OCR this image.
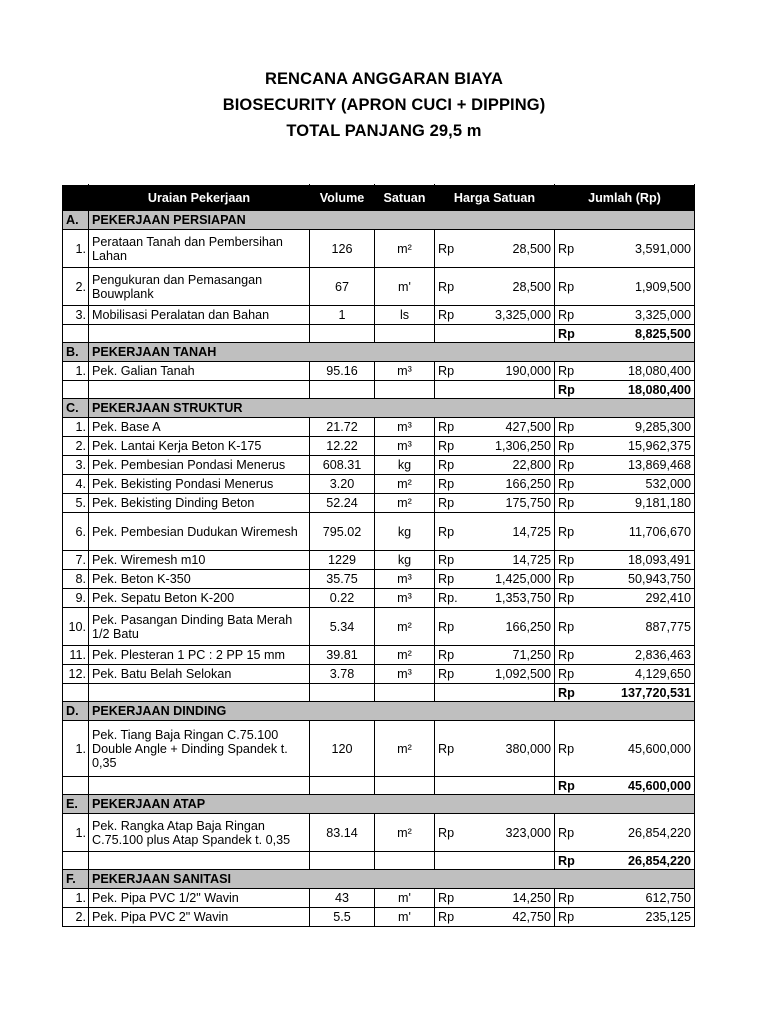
RENCANA ANGGARAN BIAYA
BIOSECURITY (APRON CUCI + DIPPING)
TOTAL PANJANG 29,5 m
	Uraian Pekerjaan	Volume	Satuan	Harga Satuan	Jumlah (Rp)
A.	PEKERJAAN PERSIAPAN				
1.	Perataan Tanah dan Pembersihan Lahan	126	m²	Rp 28,500	Rp 3,591,000

2.	Pengukuran dan Pemasangan Bouwplank	67	m'	Rp 28,500	Rp 1,909,500

3.	Mobilisasi Peralatan dan Bahan	1	ls	Rp 3,325,000	Rp 3,325,000

					Rp 8,825,500

B.	PEKERJAAN TANAH				
1.	Pek. Galian Tanah	95.16	m³	Rp 190,000	Rp 18,080,400

					Rp 18,080,400

C.	PEKERJAAN STRUKTUR				
1.	Pek. Base A	21.72	m³	Rp 427,500	Rp 9,285,300

2.	Pek. Lantai Kerja Beton K-175	12.22	m³	Rp 1,306,250	Rp 15,962,375

3.	Pek. Pembesian Pondasi Menerus	608.31	kg	Rp 22,800	Rp 13,869,468

4.	Pek. Bekisting Pondasi Menerus	3.20	m²	Rp 166,250	Rp 532,000

5.	Pek. Bekisting Dinding Beton	52.24	m²	Rp 175,750	Rp 9,181,180

6.	Pek. Pembesian Dudukan Wiremesh	795.02	kg	Rp 14,725	Rp 11,706,670

7.	Pek. Wiremesh m10	1229	kg	Rp 14,725	Rp 18,093,491

8.	Pek. Beton K-350	35.75	m³	Rp 1,425,000	Rp 50,943,750

9.	Pek. Sepatu Beton K-200	0.22	m³	Rp. 1,353,750	Rp 292,410

10.	Pek. Pasangan Dinding Bata Merah 1/2 Batu	5.34	m²	Rp 166,250	Rp 887,775

11.	Pek. Plesteran 1 PC : 2 PP 15 mm	39.81	m²	Rp 71,250	Rp 2,836,463

12.	Pek. Batu Belah Selokan	3.78	m³	Rp 1,092,500	Rp 4,129,650

					Rp 137,720,531

D.	PEKERJAAN DINDING				
1.	Pek. Tiang Baja Ringan C.75.100 Double Angle + Dinding Spandek t. 0,35	120	m²	Rp 380,000	Rp 45,600,000

					Rp 45,600,000

E.	PEKERJAAN ATAP				
1.	Pek. Rangka Atap Baja Ringan C.75.100 plus Atap Spandek t. 0,35	83.14	m²	Rp 323,000	Rp 26,854,220

					Rp 26,854,220

F.	PEKERJAAN SANITASI				
1.	Pek. Pipa PVC 1/2" Wavin	43	m'	Rp 14,250	Rp 612,750

2.	Pek. Pipa PVC 2" Wavin	5.5	m'	Rp 42,750	Rp 235,125
